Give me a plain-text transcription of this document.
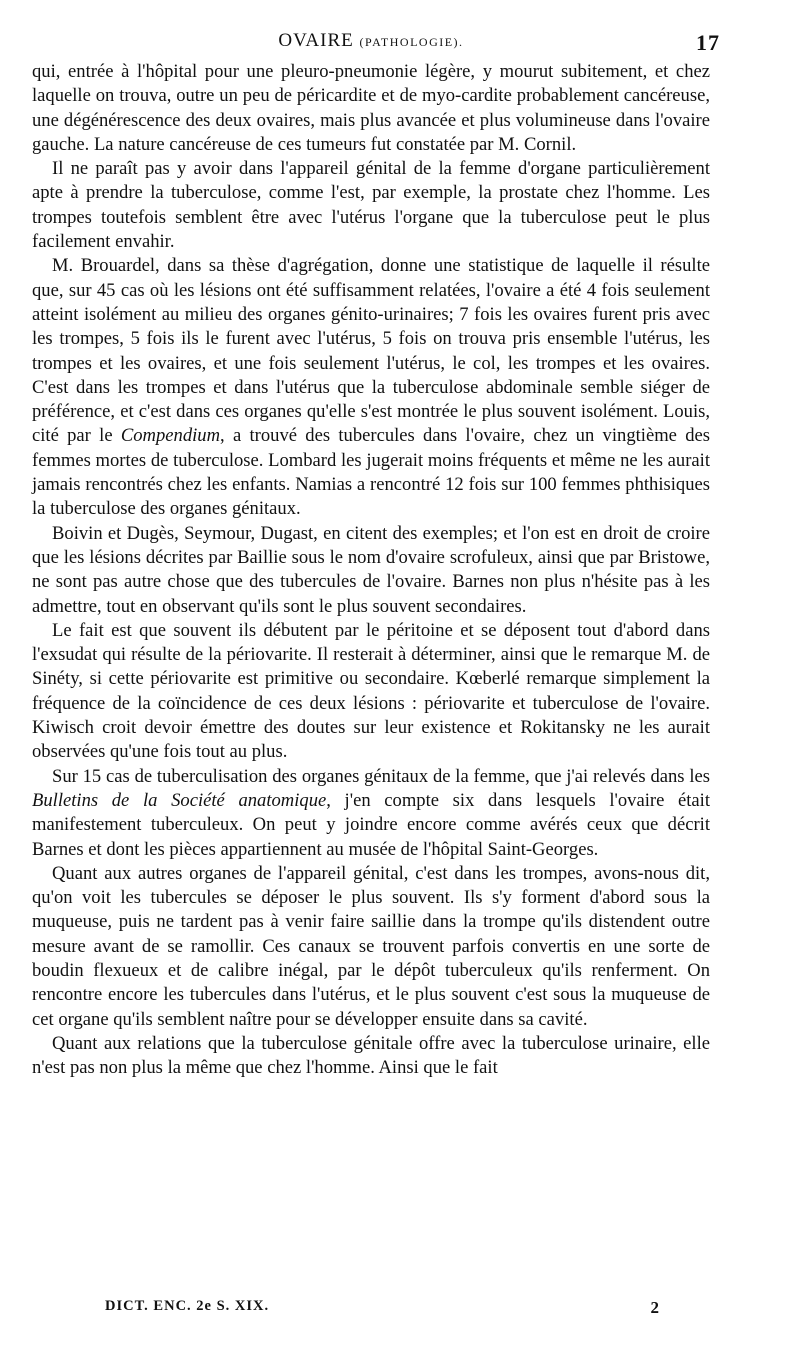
OVAIRE (PATHOLOGIE).	17

qui, entrée à l'hôpital pour une pleuro-pneumonie légère, y mourut subitement, et chez laquelle on trouva, outre un peu de péricardite et de myo-cardite probablement cancéreuse, une dégénérescence des deux ovaires, mais plus avancée et plus volumineuse dans l'ovaire gauche. La nature cancéreuse de ces tumeurs fut constatée par M. Cornil.

Il ne paraît pas y avoir dans l'appareil génital de la femme d'organe particulièrement apte à prendre la tuberculose, comme l'est, par exemple, la prostate chez l'homme. Les trompes toutefois semblent être avec l'utérus l'organe que la tuberculose peut le plus facilement envahir.

M. Brouardel, dans sa thèse d'agrégation, donne une statistique de laquelle il résulte que, sur 45 cas où les lésions ont été suffisamment relatées, l'ovaire a été 4 fois seulement atteint isolément au milieu des organes génito-urinaires; 7 fois les ovaires furent pris avec les trompes, 5 fois ils le furent avec l'utérus, 5 fois on trouva pris ensemble l'utérus, les trompes et les ovaires, et une fois seulement l'utérus, le col, les trompes et les ovaires. C'est dans les trompes et dans l'utérus que la tuberculose abdominale semble siéger de préférence, et c'est dans ces organes qu'elle s'est montrée le plus souvent isolément. Louis, cité par le Compendium, a trouvé des tubercules dans l'ovaire, chez un vingtième des femmes mortes de tuberculose. Lombard les jugerait moins fréquents et même ne les aurait jamais rencontrés chez les enfants. Namias a rencontré 12 fois sur 100 femmes phthisiques la tuberculose des organes génitaux.

Boivin et Dugès, Seymour, Dugast, en citent des exemples; et l'on est en droit de croire que les lésions décrites par Baillie sous le nom d'ovaire scrofuleux, ainsi que par Bristowe, ne sont pas autre chose que des tubercules de l'ovaire. Barnes non plus n'hésite pas à les admettre, tout en observant qu'ils sont le plus souvent secondaires.

Le fait est que souvent ils débutent par le péritoine et se déposent tout d'abord dans l'exsudat qui résulte de la périovarite. Il resterait à déterminer, ainsi que le remarque M. de Sinéty, si cette périovarite est primitive ou secondaire. Kœberlé remarque simplement la fréquence de la coïncidence de ces deux lésions : périovarite et tuberculose de l'ovaire. Kiwisch croit devoir émettre des doutes sur leur existence et Rokitansky ne les aurait observées qu'une fois tout au plus.

Sur 15 cas de tuberculisation des organes génitaux de la femme, que j'ai relevés dans les Bulletins de la Société anatomique, j'en compte six dans lesquels l'ovaire était manifestement tuberculeux. On peut y joindre encore comme avérés ceux que décrit Barnes et dont les pièces appartiennent au musée de l'hôpital Saint-Georges.

Quant aux autres organes de l'appareil génital, c'est dans les trompes, avons-nous dit, qu'on voit les tubercules se déposer le plus souvent. Ils s'y forment d'abord sous la muqueuse, puis ne tardent pas à venir faire saillie dans la trompe qu'ils distendent outre mesure avant de se ramollir. Ces canaux se trouvent parfois convertis en une sorte de boudin flexueux et de calibre inégal, par le dépôt tuberculeux qu'ils renferment. On rencontre encore les tubercules dans l'utérus, et le plus souvent c'est sous la muqueuse de cet organe qu'ils semblent naître pour se développer ensuite dans sa cavité.

Quant aux relations que la tuberculose génitale offre avec la tuberculose urinaire, elle n'est pas non plus la même que chez l'homme. Ainsi que le fait

DICT. ENC. 2e S. XIX.	2
